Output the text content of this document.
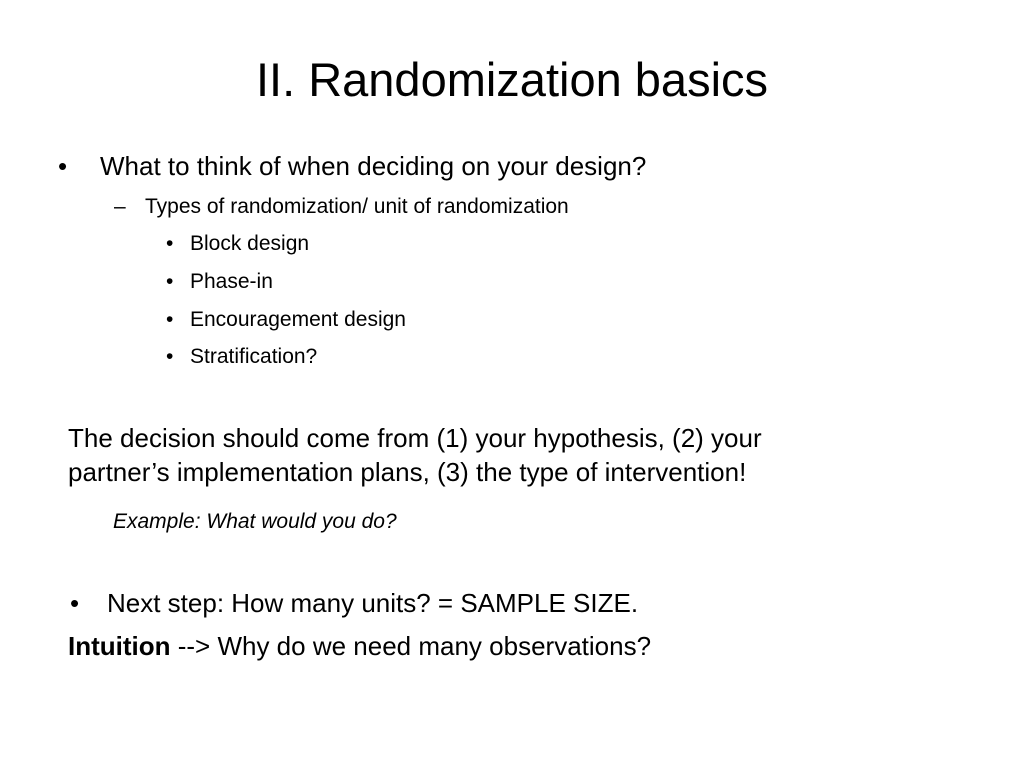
II. Randomization basics
• What to think of when deciding on your design?
– Types of randomization/ unit of randomization
• Block design
• Phase-in
• Encouragement design
• Stratification?
The decision should come from (1) your hypothesis, (2) your
partner’s implementation plans, (3) the type of intervention!
Example: What would you do?
• Next step: How many units? = SAMPLE SIZE.
Intuition --> Why do we need many observations?
